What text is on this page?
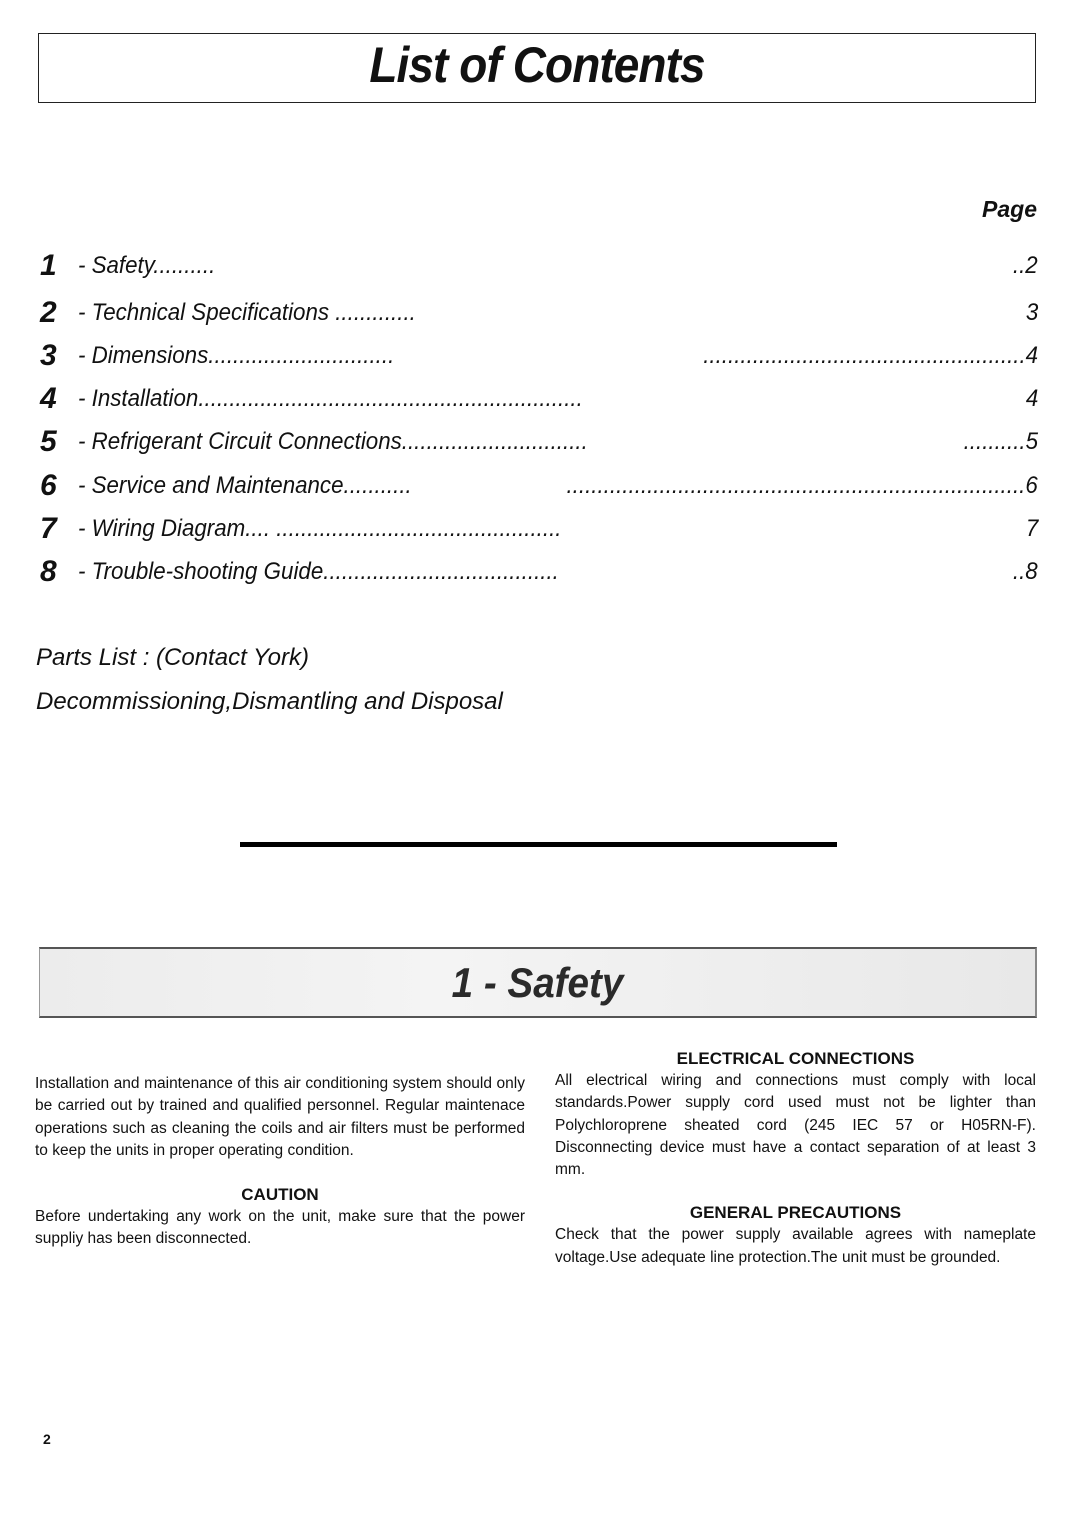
List of Contents
Page
1 - Safety..........	..2
2 - Technical Specifications .............	3
3 - Dimensions..............................	....................................................4
4 - Installation..............................................................	4
5 - Refrigerant Circuit Connections..............................	..........5
6 - Service and Maintenance...........	..........................................................................6
7 - Wiring Diagram.... ..............................................	7
8 - Trouble-shooting Guide......................................	..8
Parts List : (Contact York)
Decommissioning,Dismantling and Disposal
1 - Safety

Installation and maintenance of this air conditioning system should only be carried out by trained and qualified personnel. Regular maintenace operations such as cleaning the coils and air filters must be performed to keep the units in proper operating condition.

CAUTION

Before undertaking any work on the unit, make sure that the power suppliy has been disconnected.

ELECTRICAL CONNECTIONS

All electrical wiring and connections must comply with local standards.Power supply cord used must not be lighter than Polychloroprene sheated cord (245 IEC 57 or H05RN-F). Disconnecting device must have a contact separation of at least 3 mm.

GENERAL PRECAUTIONS

Check that the power supply available agrees with nameplate voltage.Use adequate line protection.The unit must be grounded.

2
